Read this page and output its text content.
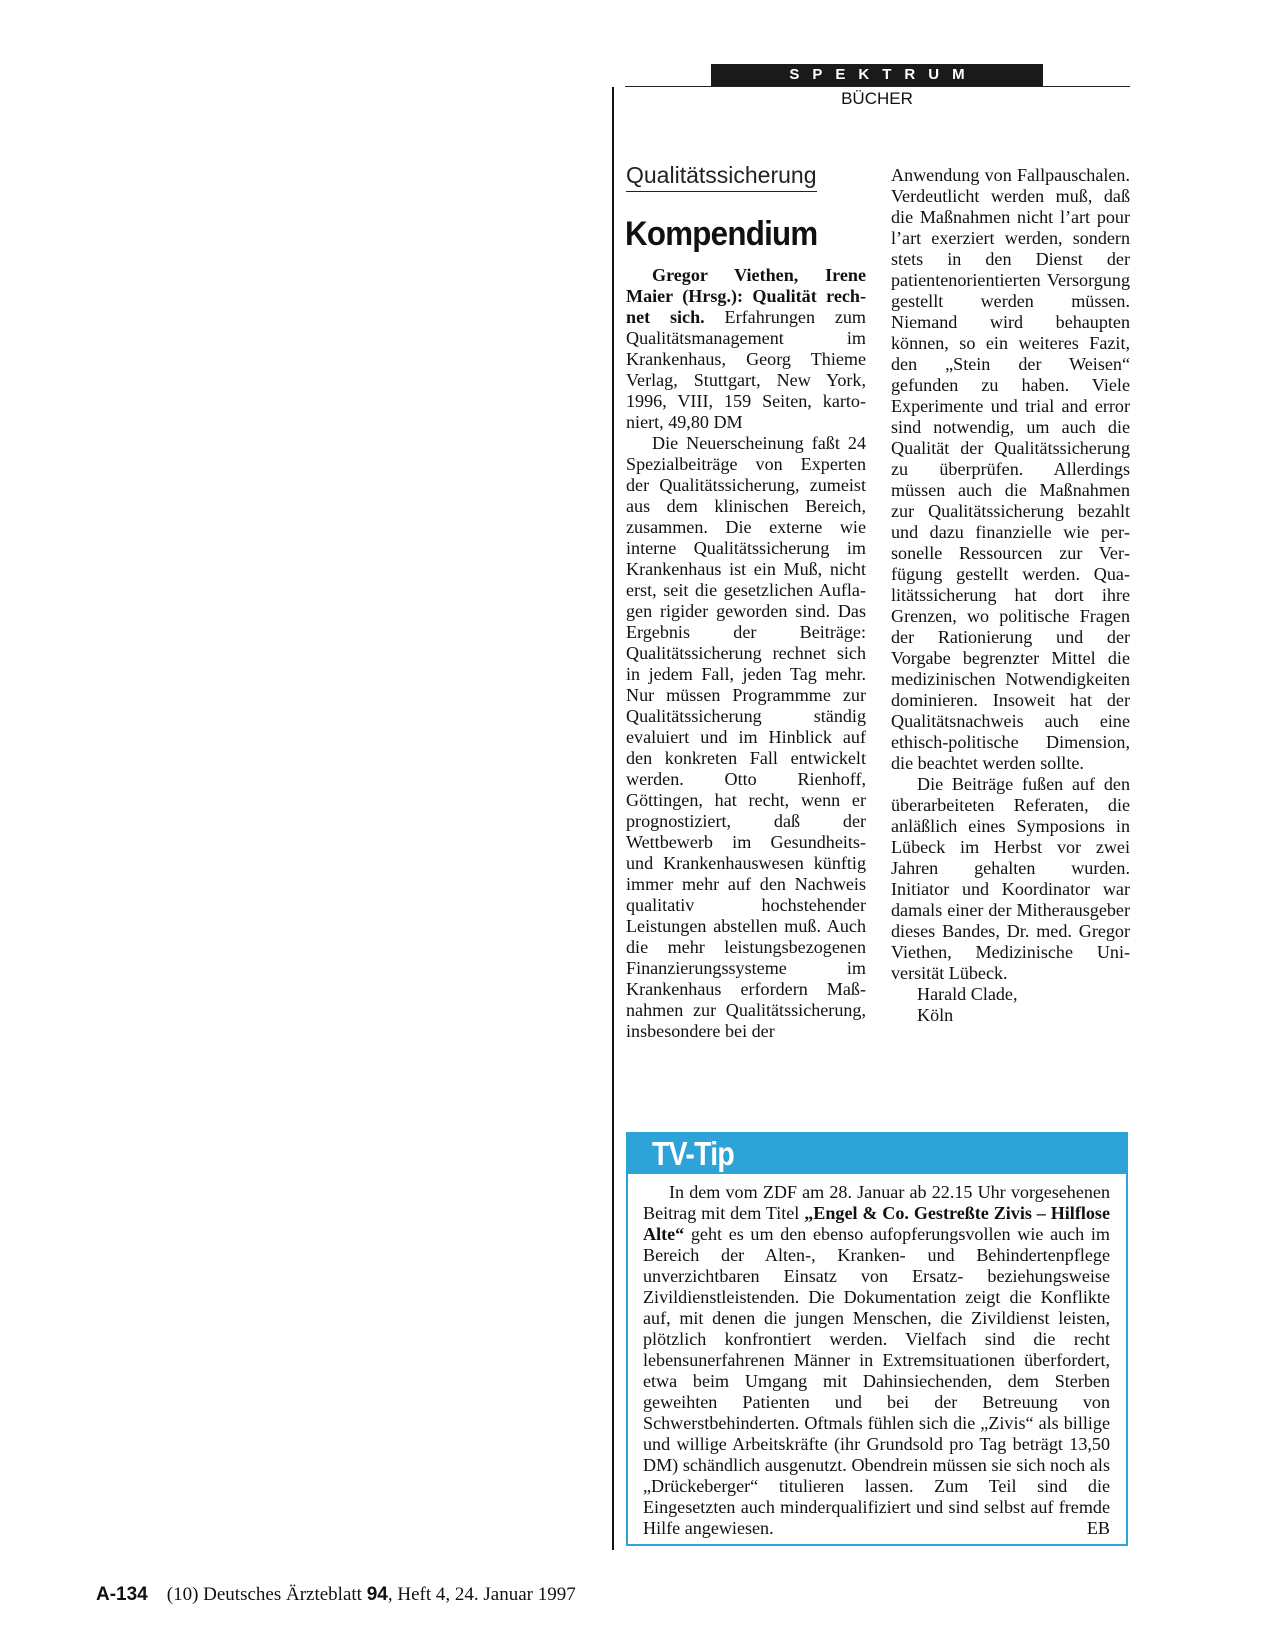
SPEKTRUM
BÜCHER
Qualitätssicherung
Kompendium

Gregor Viethen, Irene Maier (Hrsg.): Qualität rechnet sich. Erfahrungen zum Qualitätsmanagement im Krankenhaus, Georg Thieme Verlag, Stuttgart, New York, 1996, VIII, 159 Seiten, kartoniert, 49,80 DM

Die Neuerscheinung faßt 24 Spezialbeiträge von Experten der Qualitätssicherung, zumeist aus dem klinischen Bereich, zusammen. Die externe wie interne Qualitätssicherung im Krankenhaus ist ein Muß, nicht erst, seit die gesetzlichen Auflagen rigider geworden sind. Das Ergebnis der Beiträge: Qualitätssicherung rechnet sich in jedem Fall, jeden Tag mehr. Nur müssen Programmme zur Qualitätssicherung ständig evaluiert und im Hinblick auf den konkreten Fall entwickelt werden. Otto Rienhoff, Göttingen, hat recht, wenn er prognostiziert, daß der Wettbewerb im Gesundheits- und Krankenhauswesen künftig immer mehr auf den Nachweis qualitativ hochstehender Leistungen abstellen muß. Auch die mehr leistungsbezogenen Finanzierungssysteme im Krankenhaus erfordern Maßnahmen zur Qualitätssicherung, insbesondere bei der

Anwendung von Fallpauschalen. Verdeutlicht werden muß, daß die Maßnahmen nicht l’art pour l’art exerziert werden, sondern stets in den Dienst der patientenorientierten Versorgung gestellt werden müssen. Niemand wird behaupten können, so ein weiteres Fazit, den „Stein der Weisen“ gefunden zu haben. Viele Experimente und trial and error sind notwendig, um auch die Qualität der Qualitätssicherung zu überprüfen. Allerdings müssen auch die Maßnahmen zur Qualitätssicherung bezahlt und dazu finanzielle wie personelle Ressourcen zur Verfügung gestellt werden. Qualitätssicherung hat dort ihre Grenzen, wo politische Fragen der Rationierung und der Vorgabe begrenzter Mittel die medizinischen Notwendigkeiten dominieren. Insoweit hat der Qualitätsnachweis auch eine ethisch-politische Dimension, die beachtet werden sollte.

Die Beiträge fußen auf den überarbeiteten Referaten, die anläßlich eines Symposions in Lübeck im Herbst vor zwei Jahren gehalten wurden. Initiator und Koordinator war damals einer der Mitherausgeber dieses Bandes, Dr. med. Gregor Viethen, Medizinische Universität Lübeck.

Harald Clade,

Köln

TV-Tip

In dem vom ZDF am 28. Januar ab 22.15 Uhr vorgesehenen Beitrag mit dem Titel „Engel & Co. Gestreßte Zivis – Hilflose Alte“ geht es um den ebenso aufopferungsvollen wie auch im Bereich der Alten-, Kranken- und Behindertenpflege unverzichtbaren Einsatz von Ersatz- beziehungsweise Zivildienstleistenden. Die Dokumentation zeigt die Konflikte auf, mit denen die jungen Menschen, die Zivildienst leisten, plötzlich konfrontiert werden. Vielfach sind die recht lebensunerfahrenen Männer in Extremsituationen überfordert, etwa beim Umgang mit Dahinsiechenden, dem Sterben geweihten Patienten und bei der Betreuung von Schwerstbehinderten. Oftmals fühlen sich die „Zivis“ als billige und willige Arbeitskräfte (ihr Grundsold pro Tag beträgt 13,50 DM) schändlich ausgenutzt. Obendrein müssen sie sich noch als „Drückeberger“ titulieren lassen. Zum Teil sind die Eingesetzten auch minderqualifiziert und sind selbst auf fremde Hilfe angewiesen.	EB

A-134 (10) Deutsches Ärzteblatt 94, Heft 4, 24. Januar 1997
